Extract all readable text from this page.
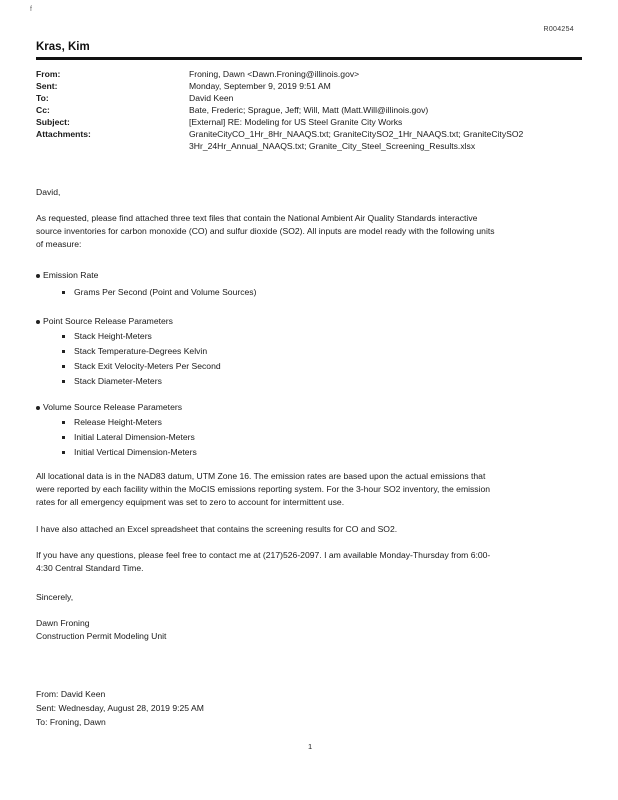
f
R004254
Kras, Kim
From:	Froning, Dawn <Dawn.Froning@illinois.gov>
Sent:	Monday, September 9, 2019 9:51 AM
To:	David Keen
Cc:	Bate, Frederic; Sprague, Jeff; Will, Matt (Matt.Will@illinois.gov)
Subject:	[External] RE: Modeling for US Steel Granite City Works
Attachments:	GraniteCityCO_1Hr_8Hr_NAAQS.txt; GraniteCitySO2_1Hr_NAAQS.txt; GraniteCitySO2
3Hr_24Hr_Annual_NAAQS.txt; Granite_City_Steel_Screening_Results.xlsx
David,
As requested, please find attached three text files that contain the National Ambient Air Quality Standards interactive
source inventories for carbon monoxide (CO) and sulfur dioxide (SO2). All inputs are model ready with the following units
of measure:
Emission Rate
Grams Per Second (Point and Volume Sources)
Point Source Release Parameters
Stack Height-Meters
Stack Temperature-Degrees Kelvin
Stack Exit Velocity-Meters Per Second
Stack Diameter-Meters
Volume Source Release Parameters
Release Height-Meters
Initial Lateral Dimension-Meters
Initial Vertical Dimension-Meters
All locational data is in the NAD83 datum, UTM Zone 16. The emission rates are based upon the actual emissions that
were reported by each facility within the MoCIS emissions reporting system. For the 3-hour SO2 inventory, the emission
rates for all emergency equipment was set to zero to account for intermittent use.
I have also attached an Excel spreadsheet that contains the screening results for CO and SO2.
If you have any questions, please feel free to contact me at (217)526-2097. I am available Monday-Thursday from 6:00-
4:30 Central Standard Time.
Sincerely,
Dawn Froning
Construction Permit Modeling Unit
From: David Keen
Sent: Wednesday, August 28, 2019 9:25 AM
To: Froning, Dawn
1
